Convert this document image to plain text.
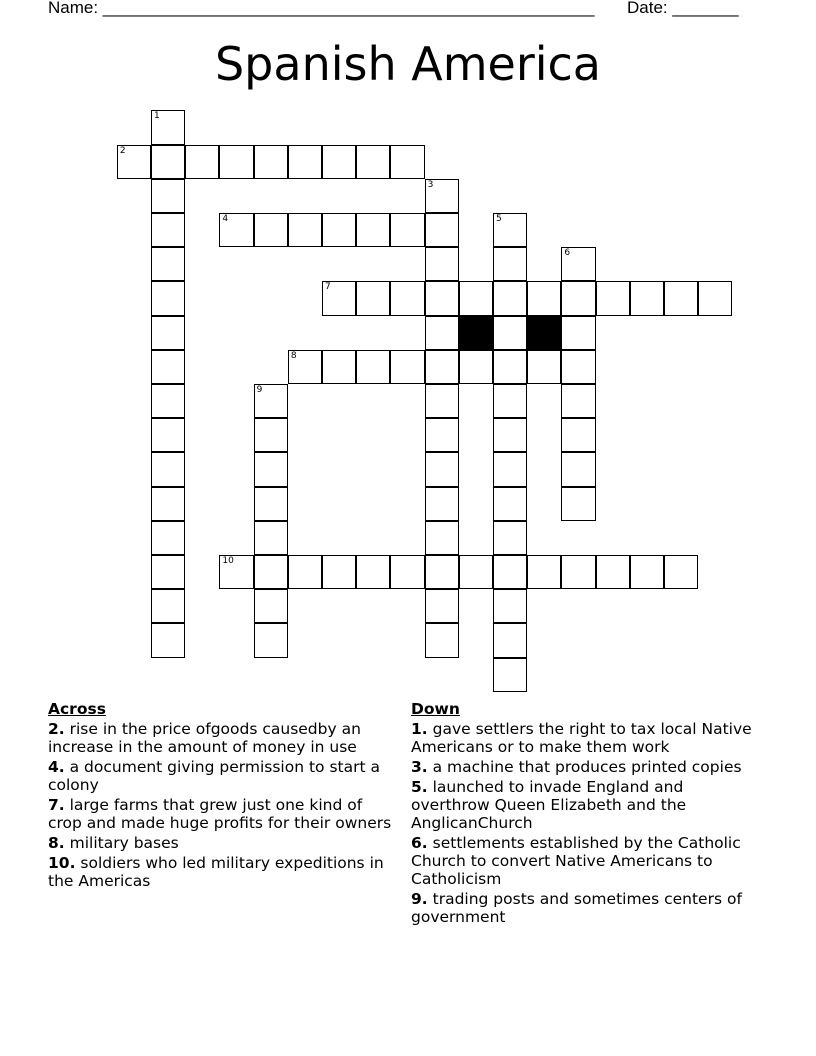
Name: ____________________________________________________ Date: _______
Spanish America
1
2
3
4	5
6
7
8
9
10
Across
2. rise in the price ofgoods causedby an increase in the amount of money in use
4. a document giving permission to start a colony
7. large farms that grew just one kind of crop and made huge profits for their owners
8. military bases
10. soldiers who led military expeditions in the Americas
Down
1. gave settlers the right to tax local Native Americans or to make them work
3. a machine that produces printed copies
5. launched to invade England and overthrow Queen Elizabeth and the AnglicanChurch
6. settlements established by the Catholic Church to convert Native Americans to Catholicism
9. trading posts and sometimes centers of government
